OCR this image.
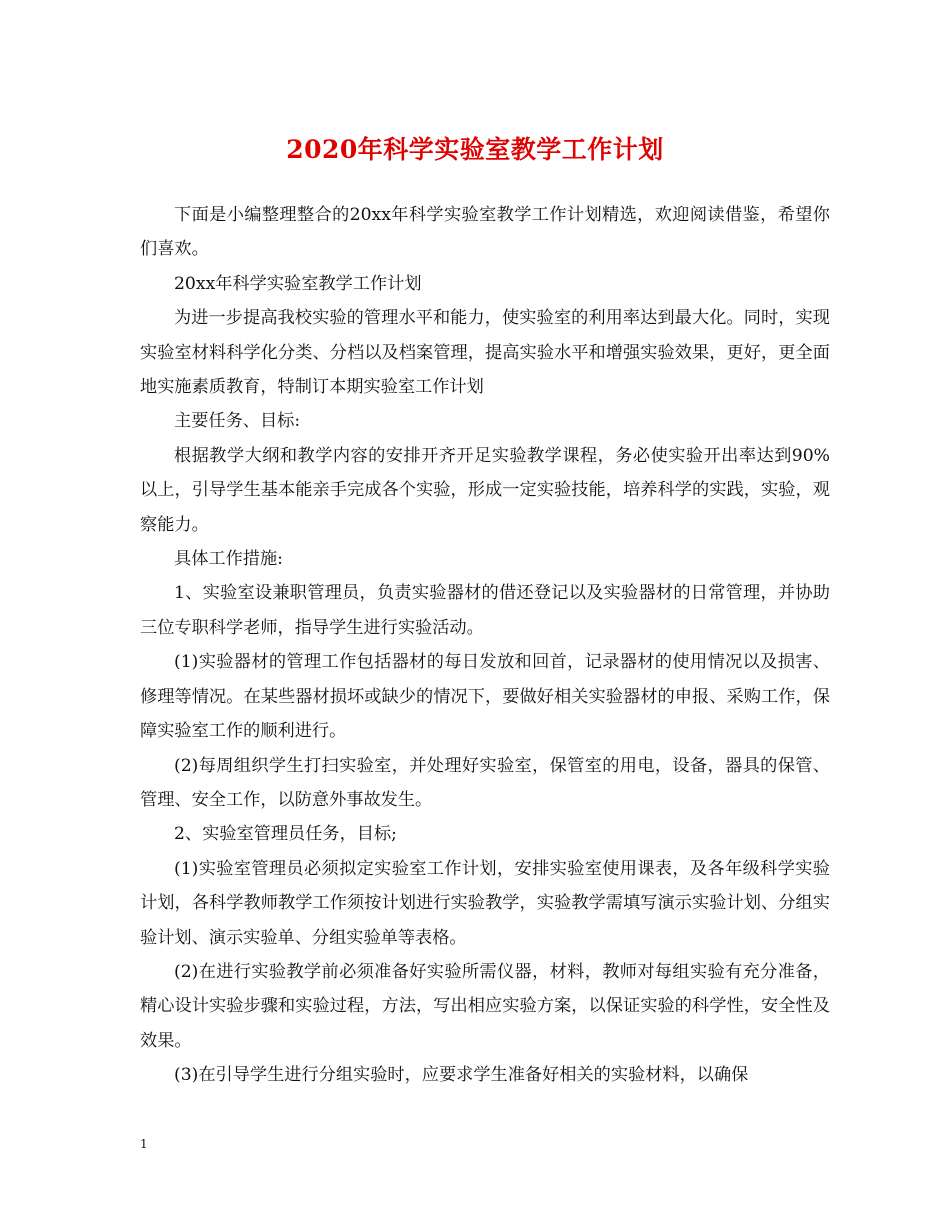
2020年科学实验室教学工作计划

下面是小编整理整合的20xx年科学实验室教学工作计划精选，欢迎阅读借鉴，希望你们喜欢。

20xx年科学实验室教学工作计划

为进一步提高我校实验的管理水平和能力，使实验室的利用率达到最大化。同时，实现实验室材料科学化分类、分档以及档案管理，提高实验水平和增强实验效果，更好，更全面地实施素质教育，特制订本期实验室工作计划

主要任务、目标:

根据教学大纲和教学内容的安排开齐开足实验教学课程，务必使实验开出率达到90%以上，引导学生基本能亲手完成各个实验，形成一定实验技能，培养科学的实践，实验，观察能力。

具体工作措施:

1、实验室设兼职管理员，负责实验器材的借还登记以及实验器材的日常管理，并协助三位专职科学老师，指导学生进行实验活动。

(1)实验器材的管理工作包括器材的每日发放和回首，记录器材的使用情况以及损害、修理等情况。在某些器材损坏或缺少的情况下，要做好相关实验器材的申报、采购工作，保障实验室工作的顺利进行。

(2)每周组织学生打扫实验室，并处理好实验室，保管室的用电，设备，器具的保管、管理、安全工作，以防意外事故发生。

2、实验室管理员任务，目标;

(1)实验室管理员必须拟定实验室工作计划，安排实验室使用课表，及各年级科学实验计划，各科学教师教学工作须按计划进行实验教学，实验教学需填写演示实验计划、分组实验计划、演示实验单、分组实验单等表格。

(2)在进行实验教学前必须准备好实验所需仪器，材料，教师对每组实验有充分准备，精心设计实验步骤和实验过程，方法，写出相应实验方案，以保证实验的科学性，安全性及效果。

(3)在引导学生进行分组实验时，应要求学生准备好相关的实验材料，以确保

1
